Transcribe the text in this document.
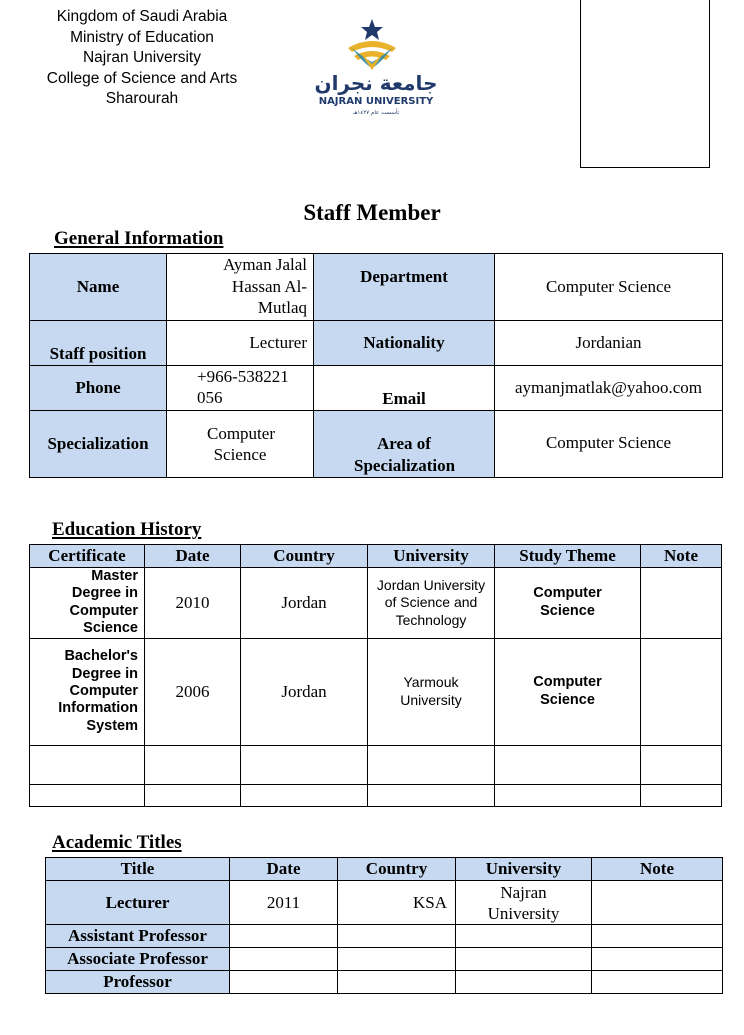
Kingdom of Saudi Arabia
Ministry of Education
Najran University
College of Science and Arts
Sharourah
جامعة نجران
NAJRAN UNIVERSITY
تأسست عام ١٤٢٧هـ
Staff Member
General Information
Name	Ayman Jalal Hassan Al-Mutlaq	Department	Computer Science
Staff position	Lecturer	Nationality	Jordanian
Phone	+966-538221056	Email	aymanjmatlak@yahoo.com
Specialization	Computer Science	Area of Specialization	Computer Science
Education History
Certificate	Date	Country	University	Study Theme	Note
Master Degree in Computer Science	2010	Jordan	Jordan University of Science and Technology	Computer Science	
Bachelor's Degree in Computer Information System	2006	Jordan	Yarmouk University	Computer Science	

Academic Titles
Title	Date	Country	University	Note
Lecturer	2011	KSA	Najran University	
Assistant Professor				
Associate Professor				
Professor				
